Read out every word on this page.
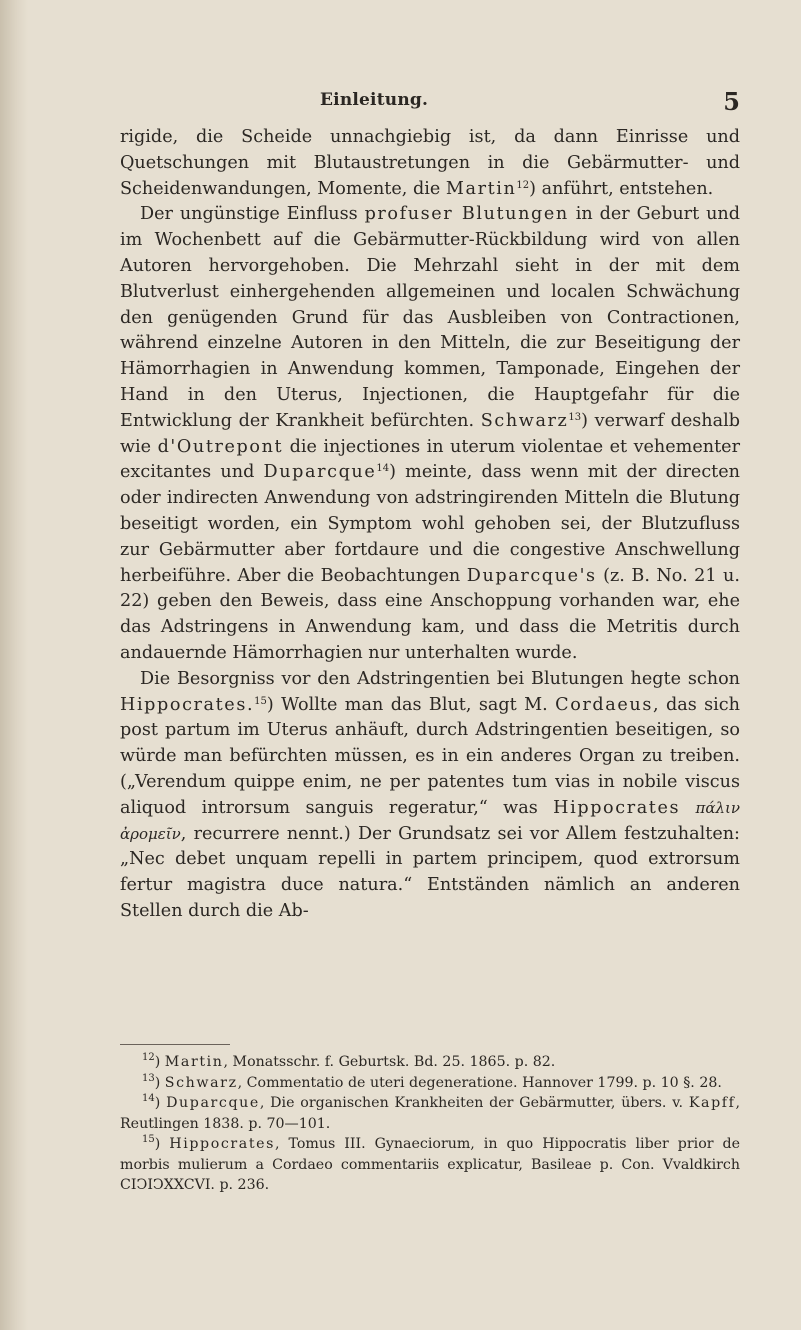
Einleitung.	5

rigide, die Scheide unnachgiebig ist, da dann Einrisse und Quetschungen mit Blutaustretungen in die Gebärmutter- und Scheidenwandungen, Momente, die Martin$^{12}$) anführt, entstehen.

Der ungünstige Einfluss profuser Blutungen in der Geburt und im Wochenbett auf die Gebärmutter-Rückbildung wird von allen Autoren hervorgehoben. Die Mehrzahl sieht in der mit dem Blutverlust einhergehenden allgemeinen und localen Schwächung den genügenden Grund für das Ausbleiben von Contractionen, während einzelne Autoren in den Mitteln, die zur Beseitigung der Hämorrhagien in Anwendung kommen, Tamponade, Eingehen der Hand in den Uterus, Injectionen, die Hauptgefahr für die Entwicklung der Krankheit befürchten. Schwarz$^{13}$) verwarf deshalb wie d'Outrepont die injectiones in uterum violentae et vehementer excitantes und Duparcque$^{14}$) meinte, dass wenn mit der directen oder indirecten Anwendung von adstringirenden Mitteln die Blutung beseitigt worden, ein Symptom wohl gehoben sei, der Blutzufluss zur Gebärmutter aber fortdaure und die congestive Anschwellung herbeiführe. Aber die Beobachtungen Duparcque's (z. B. No. 21 u. 22) geben den Beweis, dass eine Anschoppung vorhanden war, ehe das Adstringens in Anwendung kam, und dass die Metritis durch andauernde Hämorrhagien nur unterhalten wurde.

Die Besorgniss vor den Adstringentien bei Blutungen hegte schon Hippocrates.$^{15}$) Wollte man das Blut, sagt M. Cordaeus, das sich post partum im Uterus anhäuft, durch Adstringentien beseitigen, so würde man befürchten müssen, es in ein anderes Organ zu treiben. („Verendum quippe enim, ne per patentes tum vias in nobile viscus aliquod introrsum sanguis regeratur,“ was Hippocrates πάλιν ἀρομεῖν, recurrere nennt.) Der Grundsatz sei vor Allem festzuhalten: „Nec debet unquam repelli in partem principem, quod extrorsum fertur magistra duce natura.“ Entständen nämlich an anderen Stellen durch die Ab-

$^{12}$) Martin, Monatsschr. f. Geburtsk. Bd. 25. 1865. p. 82.

$^{13}$) Schwarz, Commentatio de uteri degeneratione. Hannover 1799. p. 10 §. 28.

$^{14}$) Duparcque, Die organischen Krankheiten der Gebärmutter, übers. v. Kapff, Reutlingen 1838. p. 70—101.

$^{15}$) Hippocrates, Tomus III. Gynaeciorum, in quo Hippocratis liber prior de morbis mulierum a Cordaeo commentariis explicatur, Basileae p. Con. Vvaldkirch CIϽIϽXXCVI. p. 236.
